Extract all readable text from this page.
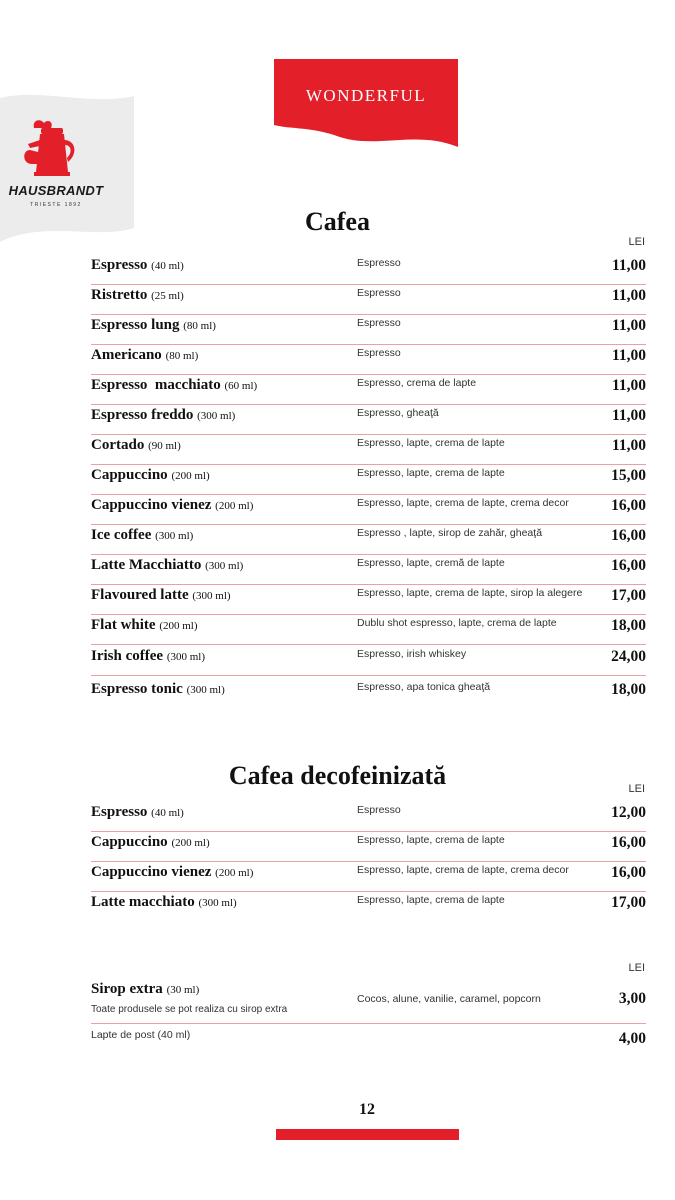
HAUSBRANDT
TRIESTE 1892
WONDERFUL
Cafea
LEI
Espresso (40 ml)	Espresso	11,00
Ristretto (25 ml)	Espresso	11,00
Espresso lung (80 ml)	Espresso	11,00
Americano (80 ml)	Espresso	11,00
Espresso  macchiato (60 ml)	Espresso, crema de lapte	11,00
Espresso freddo (300 ml)	Espresso, gheaţă	11,00
Cortado (90 ml)	Espresso, lapte, crema de lapte	11,00
Cappuccino (200 ml)	Espresso, lapte, crema de lapte	15,00
Cappuccino vienez (200 ml)	Espresso, lapte, crema de lapte, crema decor	16,00
Ice coffee (300 ml)	Espresso , lapte, sirop de zahăr, gheaţă	16,00
Latte Macchiatto (300 ml)	Espresso, lapte, cremă de lapte	16,00
Flavoured latte (300 ml)	Espresso, lapte, crema de lapte, sirop la alegere 17,00
Flat white (200 ml)	Dublu shot espresso, lapte, crema de lapte	18,00
Irish coffee (300 ml)	Espresso, irish whiskey	24,00
Espresso tonic (300 ml)	Espresso, apa tonica gheaţă	18,00
Cafea decofeinizată	LEI
Espresso (40 ml)	Espresso	12,00
Cappuccino (200 ml)	Espresso, lapte, crema de lapte	16,00
Cappuccino vienez (200 ml)	Espresso, lapte, crema de lapte, crema decor	16,00
Latte macchiato (300 ml)	Espresso, lapte, crema de lapte	17,00
LEI
Sirop extra (30 ml)
Toate produsele se pot realiza cu sirop extra
Cocos, alune, vanilie, caramel, popcorn	3,00
Lapte de post (40 ml)	4,00
12
